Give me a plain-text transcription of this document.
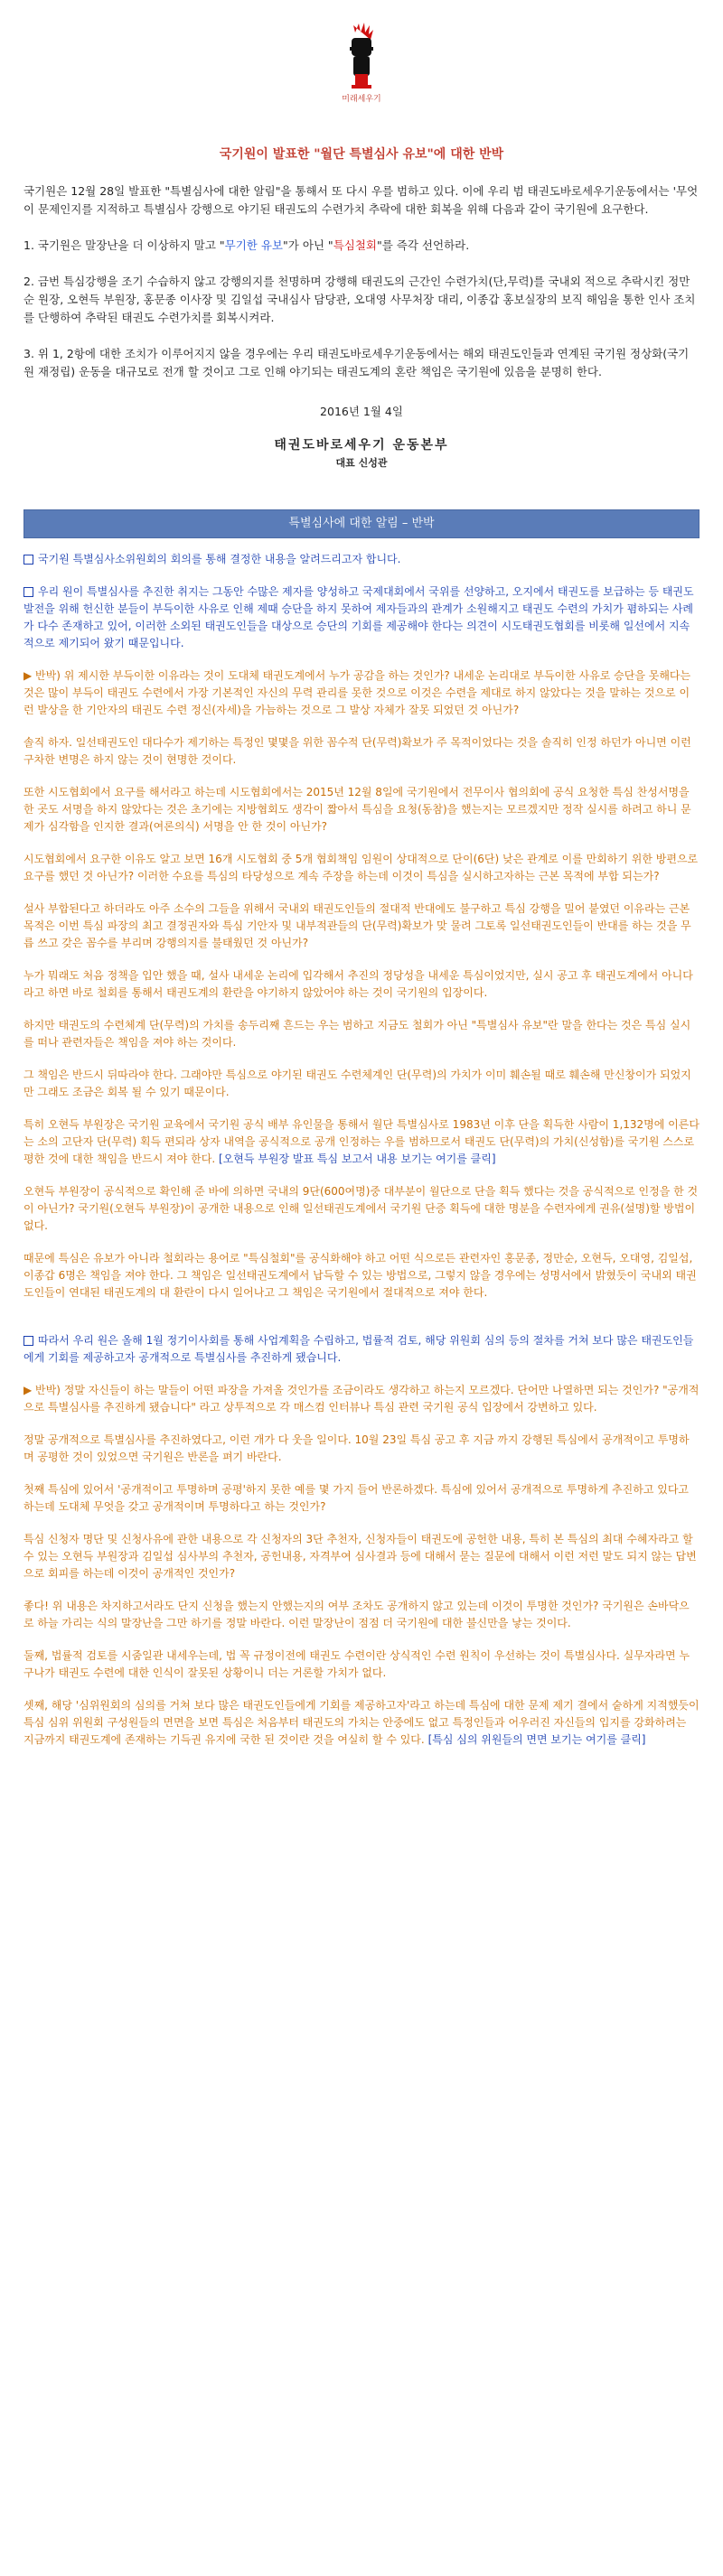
미래세우기
국기원이 발표한 "월단 특별심사 유보"에 대한 반박

국기원은 12월 28일 발표한 "특별심사에 대한 알림"을 통해서 또 다시 우를 범하고 있다. 이에 우리 범 태권도바로세우기운동에서는 '무엇이 문제인지를 지적하고 특별심사 강행으로 야기된 태권도의 수련가치 추락에 대한 회복을 위해 다음과 같이 국기원에 요구한다.

1. 국기원은 말장난을 더 이상하지 말고 "무기한 유보"가 아닌 "특심철회"를 즉각 선언하라.

2. 금번 특심강행을 조기 수습하지 않고 강행의지를 천명하며 강행해 태권도의 근간인 수련가치(단,무력)를 국내외 적으로 추락시킨 정만순 원장, 오현득 부원장, 홍문종 이사장 및 김일섭 국내심사 담당관, 오대영 사무처장 대리, 이종갑 홍보실장의 보직 해임을 통한 인사 조치를 단행하여 추락된 태권도 수련가치를 회복시켜라.

3. 위 1, 2항에 대한 조치가 이루어지지 않을 경우에는 우리 태권도바로세우기운동에서는 해외 태권도인들과 연계된 국기원 정상화(국기원 재정립) 운동을 대규모로 전개 할 것이고 그로 인해 야기되는 태권도계의 혼란 책임은 국기원에 있음을 분명히 한다.

2016년 1월 4일
태권도바로세우기 운동본부
대표 신성관
특별심사에 대한 알림 – 반박

국기원 특별심사소위원회의 회의를 통해 결정한 내용을 알려드리고자 합니다.

우리 원이 특별심사를 추진한 취지는 그동안 수많은 제자를 양성하고 국제대회에서 국위를 선양하고, 오지에서 태권도를 보급하는 등 태권도 발전을 위해 헌신한 분들이 부득이한 사유로 인해 제때 승단을 하지 못하여 제자들과의 관계가 소원해지고 태권도 수련의 가치가 폄하되는 사례가 다수 존재하고 있어, 이러한 소외된 태권도인들을 대상으로 승단의 기회를 제공해야 한다는 의견이 시도태권도협회를 비롯해 일선에서 지속적으로 제기되어 왔기 때문입니다.

▶ 반박) 위 제시한 부득이한 이유라는 것이 도대체 태권도계에서 누가 공감을 하는 것인가? 내세운 논리대로 부득이한 사유로 승단을 못해다는 것은 많이 부득이 태권도 수련에서 가장 기본적인 자신의 무력 관리를 못한 것으로 이것은 수련을 제대로 하지 않았다는 것을 말하는 것으로 이런 발상을 한 기안자의 태권도 수련 정신(자세)을 가늠하는 것으로 그 발상 자체가 잘못 되었던 것 아닌가?

솔직 하자. 일선태권도인 대다수가 제기하는 특정인 몇몇을 위한 꼼수적 단(무력)확보가 주 목적이었다는 것을 솔직히 인정 하던가 아니면 이런 구차한 변명은 하지 않는 것이 현명한 것이다.

또한 시도협회에서 요구를 해서라고 하는데 시도협회에서는 2015년 12월 8일에 국기원에서 전무이사 협의회에 공식 요청한 특심 찬성서명을 한 곳도 서명을 하지 않았다는 것은 초기에는 지방협회도 생각이 짧아서 특심을 요청(동참)을 했는지는 모르겠지만 정작 실시를 하려고 하니 문제가 심각함을 인지한 결과(여론의식) 서명을 안 한 것이 아닌가?

시도협회에서 요구한 이유도 알고 보면 16개 시도협회 중 5개 협회책임 임원이 상대적으로 단이(6단) 낮은 관계로 이를 만회하기 위한 방편으로 요구를 했던 것 아닌가? 이러한 수요를 특심의 타당성으로 계속 주장을 하는데 이것이 특심을 실시하고자하는 근본 목적에 부합 되는가?

설사 부합된다고 하더라도 아주 소수의 그들을 위해서 국내외 태권도인들의 절대적 반대에도 불구하고 특심 강행을 밀어 붙였던 이유라는 근본 목적은 이번 특심 파장의 최고 결정권자와 특심 기안자 및 내부적관들의 단(무력)확보가 맞 물려 그토록 일선태권도인들이 반대를 하는 것을 무릅 쓰고 갖은 꼼수를 부리며 강행의지를 불태웠던 것 아닌가?

누가 뭐래도 처음 정책을 입안 했을 때, 설사 내세운 논리에 입각해서 추진의 정당성을 내세운 특심이었지만, 실시 공고 후 태권도계에서 아니다라고 하면 바로 철회를 통해서 태권도계의 환란을 야기하지 않았어야 하는 것이 국기원의 입장이다.

하지만 태권도의 수련체계 단(무력)의 가치를 송두리째 흔드는 우는 범하고 지금도 철회가 아닌 "특별심사 유보"란 말을 한다는 것은 특심 실시를 떠나 관련자들은 책임을 져야 하는 것이다.

그 책임은 반드시 뒤따라야 한다. 그래야만 특심으로 야기된 태권도 수련체계인 단(무력)의 가치가 이미 훼손될 때로 훼손해 만신창이가 되었지만 그래도 조금은 회복 될 수 있기 때문이다.

특히 오현득 부원장은 국기원 교육에서 국기원 공식 배부 유인물을 통해서 월단 특별심사로 1983년 이후 단을 획득한 사람이 1,132명에 이른다는 소의 고단자 단(무력) 획득 편되라 상자 내역을 공식적으로 공개 인정하는 우를 범하므로서 태권도 단(무력)의 가치(신성함)를 국기원 스스로 평한 것에 대한 책임을 반드시 져야 한다. [오현득 부원장 발표 특심 보고서 내용 보기는 여기를 클릭]

오현득 부원장이 공식적으로 확인해 준 바에 의하면 국내의 9단(600여명)중 대부분이 월단으로 단을 획득 했다는 것을 공식적으로 인정을 한 것이 아닌가? 국기원(오현득 부원장)이 공개한 내용으로 인해 일선태권도계에서 국기원 단증 획득에 대한 명분을 수련자에게 권유(설명)할 방법이 없다.

때문에 특심은 유보가 아니라 철회라는 용어로 "특심철회"를 공식화해야 하고 어떤 식으로든 관련자인 홍문종, 정만순, 오현득, 오대영, 김일섭, 이종갑 6명은 책임을 져야 한다. 그 책임은 일선태권도계에서 납득할 수 있는 방법으로, 그렇지 않을 경우에는 성명서에서 밝혔듯이 국내외 태권도인들이 연대된 태권도계의 대 환란이 다시 일어나고 그 책임은 국기원에서 절대적으로 져야 한다.

따라서 우리 원은 올해 1월 정기이사회를 통해 사업계획을 수립하고, 법률적 검토, 해당 위원회 심의 등의 절차를 거쳐 보다 많은 태권도인들에게 기회를 제공하고자 공개적으로 특별심사를 추진하게 됐습니다.

▶ 반박) 정말 자신들이 하는 말들이 어떤 파장을 가져올 것인가를 조금이라도 생각하고 하는지 모르겠다. 단어만 나열하면 되는 것인가? "공개적으로 특별심사를 추진하게 됐습니다" 라고 상투적으로 각 매스컴 인터뷰나 특심 관련 국기원 공식 입장에서 강변하고 있다.

정말 공개적으로 특별심사를 추진하였다고, 이런 개가 다 웃을 일이다. 10월 23일 특심 공고 후 지금 까지 강행된 특심에서 공개적이고 투명하며 공평한 것이 있었으면 국기원은 반론을 펴기 바란다.

첫째 특심에 있어서 '공개적이고 투명하며 공평'하지 못한 예를 몇 가지 들어 반론하겠다. 특심에 있어서 공개적으로 투명하게 추진하고 있다고 하는데 도대체 무엇을 갖고 공개적이며 투명하다고 하는 것인가?

특심 신청자 명단 및 신청사유에 관한 내용으로 각 신청자의 3단 추천자, 신청자들이 태권도에 공헌한 내용, 특히 본 특심의 최대 수혜자라고 할 수 있는 오현득 부원장과 김일섭 심사부의 추천자, 공헌내용, 자격부여 심사결과 등에 대해서 묻는 질문에 대해서 이런 저런 말도 되지 않는 답변으로 회피를 하는데 이것이 공개적인 것인가?

좋다! 위 내용은 차지하고서라도 단지 신청을 했는지 안했는지의 여부 조차도 공개하지 않고 있는데 이것이 투명한 것인가? 국기원은 손바닥으로 하늘 가리는 식의 말장난을 그만 하기를 정말 바란다. 이런 말장난이 점점 더 국기원에 대한 불신만을 낳는 것이다.

둘째, 법률적 검토를 시줌일관 내세우는데, 법 꼭 규정이전에 태권도 수련이란 상식적인 수련 원칙이 우선하는 것이 특별심사다. 실무자라면 누구나가 태권도 수련에 대한 인식이 잘못된 상황이니 더는 거론할 가치가 없다.

셋째, 해당 '심위원회의 심의를 거쳐 보다 많은 태권도인들에게 기회를 제공하고자'라고 하는데 특심에 대한 문제 제기 결에서 숱하게 지적했듯이 특심 심위 위원회 구성원들의 면면을 보면 특심은 처음부터 태권도의 가치는 안중에도 없고 특정인들과 어우러진 자신들의 입지를 강화하려는 지금까지 태권도계에 존재하는 기득권 유지에 국한 된 것이란 것을 여실히 할 수 있다. [특심 심의 위원들의 면면 보기는 여기를 클릭]
